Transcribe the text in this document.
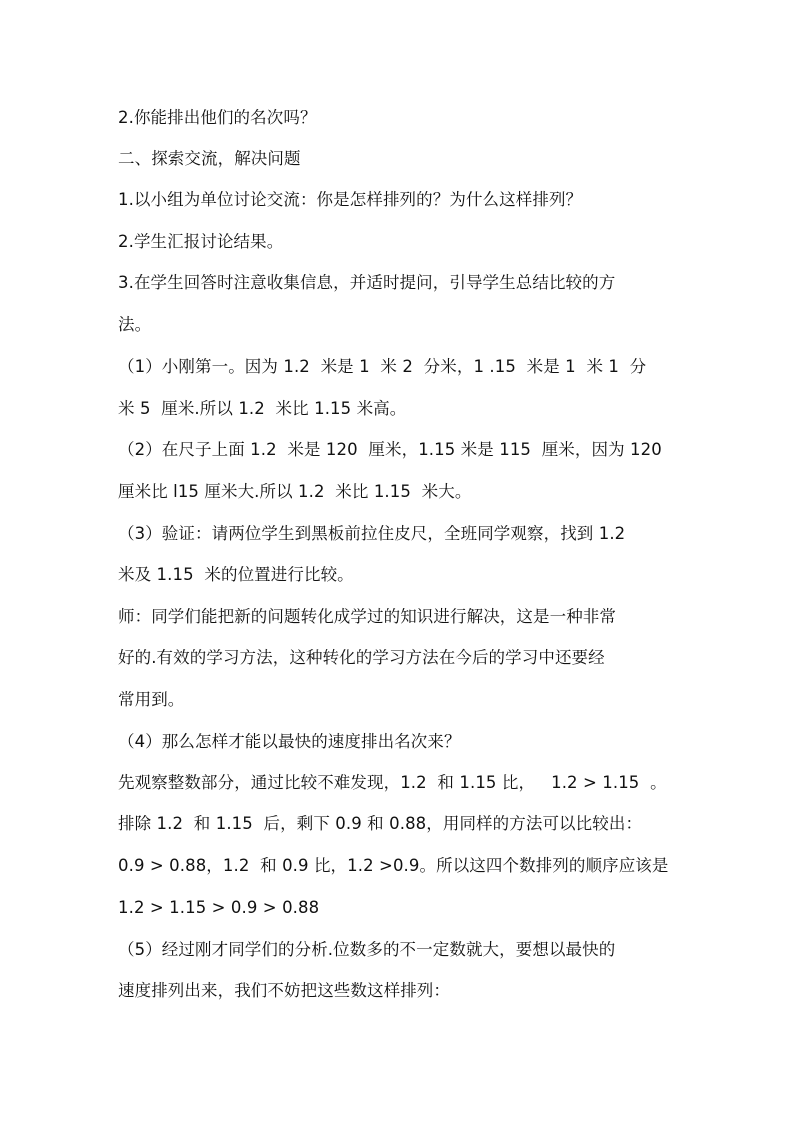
2.你能排出他们的名次吗？
二、探索交流，解决问题
1.以小组为单位讨论交流：你是怎样排列的？为什么这样排列？
2.学生汇报讨论结果。
3.在学生回答时注意收集信息，并适时提问，引导学生总结比较的方
法。
（1）小刚第一。因为 1.2  米是 1  米 2  分米，1 .15  米是 1  米 1  分
米 5  厘米.所以 1.2  米比 1.15 米高。
（2）在尺子上面 1.2  米是 120  厘米，1.15 米是 115  厘米，因为 120
厘米比 l15 厘米大.所以 1.2  米比 1.15  米大。
（3）验证：请两位学生到黑板前拉住皮尺，全班同学观察，找到 1.2
米及 1.15  米的位置进行比较。
师：同学们能把新的问题转化成学过的知识进行解决，这是一种非常
好的.有效的学习方法，这种转化的学习方法在今后的学习中还要经
常用到。
（4）那么怎样才能以最快的速度排出名次来？
先观察整数部分，通过比较不难发现，1.2  和 1.15 比，   1.2 > 1.15  。
排除 1.2  和 1.15  后，剩下 0.9 和 0.88，用同样的方法可以比较出：
0.9 > 0.88，1.2  和 0.9 比，1.2 >0.9。所以这四个数排列的顺序应该是
1.2 > 1.15 > 0.9 > 0.88
（5）经过刚才同学们的分析.位数多的不一定数就大，要想以最快的
速度排列出来，我们不妨把这些数这样排列：
